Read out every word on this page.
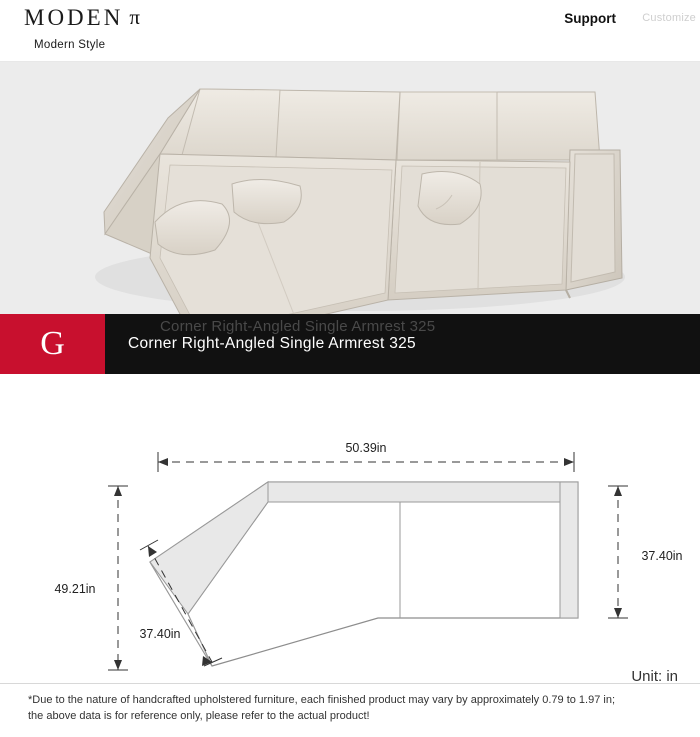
MODEN π
Modern Style
Support Customize
G	Corner Right-Angled Single Armrest 325
Corner Right-Angled Single Armrest 325
50.39in
37.40in
49.21in
37.40in
Unit: in
*Due to the nature of handcrafted upholstered furniture, each finished product may vary by approximately 0.79 to 1.97 in;
the above data is for reference only, please refer to the actual product!
